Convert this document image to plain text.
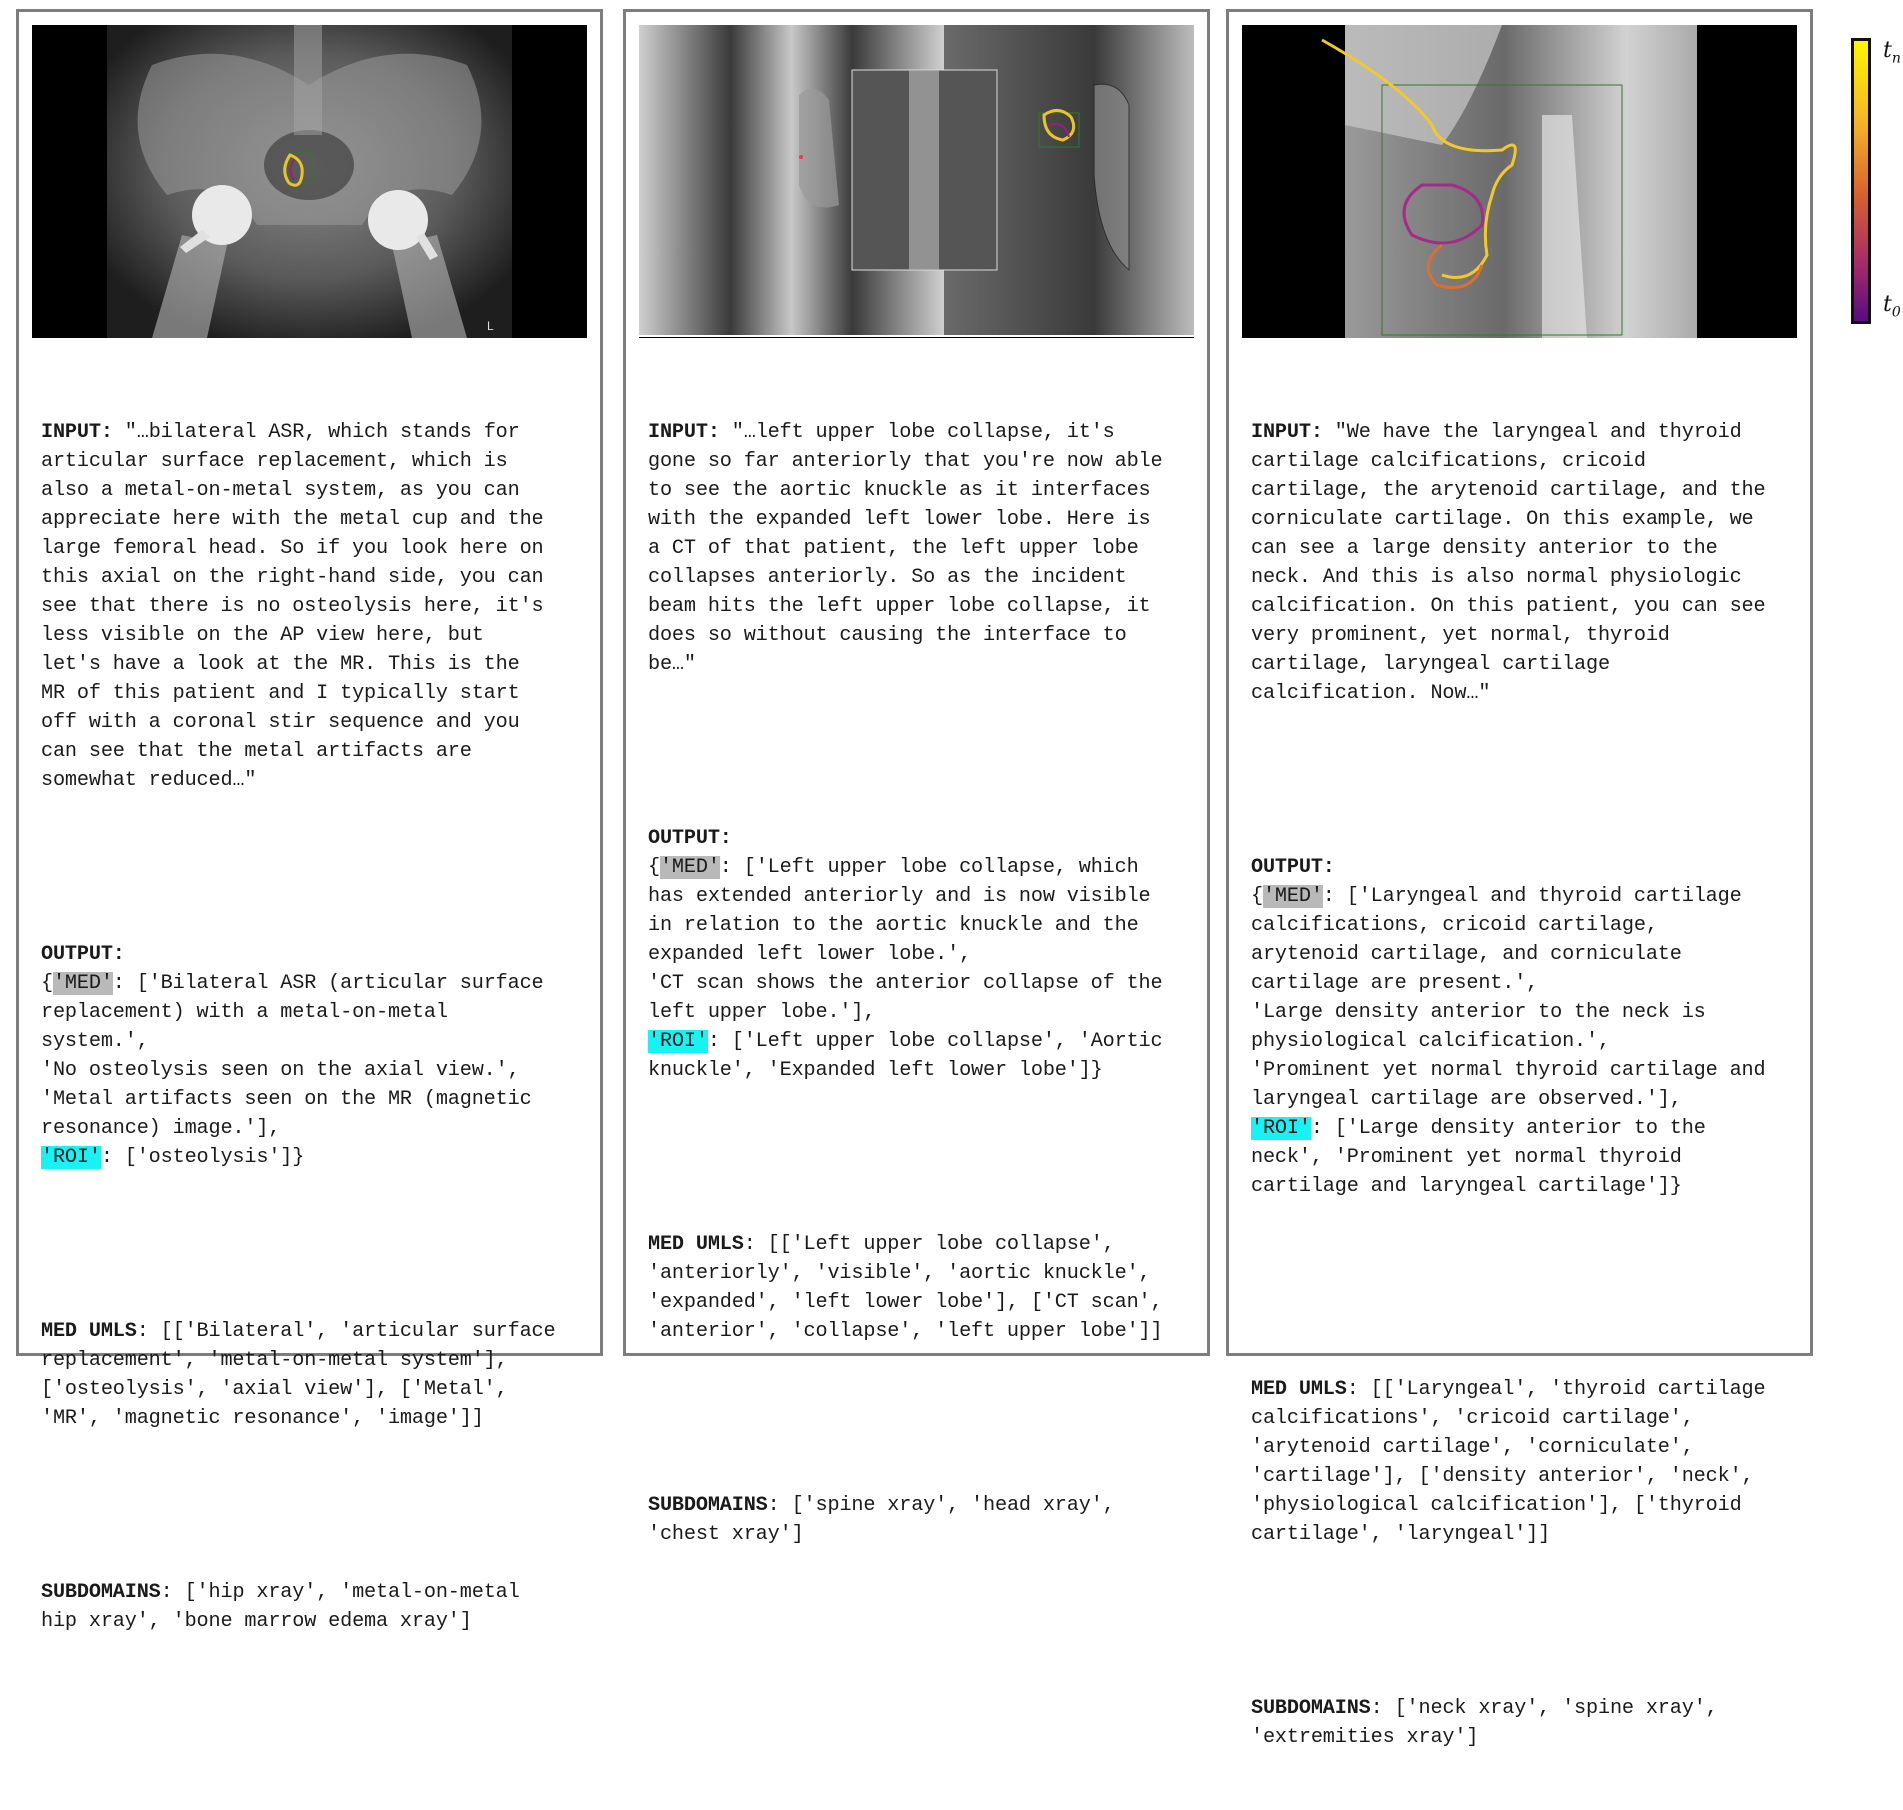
L

INPUT: "…bilateral ASR, which stands for
articular surface replacement, which is
also a metal-on-metal system, as you can
appreciate here with the metal cup and the
large femoral head. So if you look here on
this axial on the right-hand side, you can
see that there is no osteolysis here, it's
less visible on the AP view here, but
let's have a look at the MR. This is the
MR of this patient and I typically start
off with a coronal stir sequence and you
can see that the metal artifacts are
somewhat reduced…"

OUTPUT:
{'MED': ['Bilateral ASR (articular surface
replacement) with a metal-on-metal
system.',
'No osteolysis seen on the axial view.',
'Metal artifacts seen on the MR (magnetic
resonance) image.'],
'ROI': ['osteolysis']}

MED UMLS: [['Bilateral', 'articular surface
replacement', 'metal-on-metal system'],
['osteolysis', 'axial view'], ['Metal',
'MR', 'magnetic resonance', 'image']]

SUBDOMAINS: ['hip xray', 'metal-on-metal
hip xray', 'bone marrow edema xray']

INPUT: "…left upper lobe collapse, it's
gone so far anteriorly that you're now able
to see the aortic knuckle as it interfaces
with the expanded left lower lobe. Here is
a CT of that patient, the left upper lobe
collapses anteriorly. So as the incident
beam hits the left upper lobe collapse, it
does so without causing the interface to
be…"

OUTPUT:
{'MED': ['Left upper lobe collapse, which
has extended anteriorly and is now visible
in relation to the aortic knuckle and the
expanded left lower lobe.',
'CT scan shows the anterior collapse of the
left upper lobe.'],
'ROI': ['Left upper lobe collapse', 'Aortic
knuckle', 'Expanded left lower lobe']}

MED UMLS: [['Left upper lobe collapse',
'anteriorly', 'visible', 'aortic knuckle',
'expanded', 'left lower lobe'], ['CT scan',
'anterior', 'collapse', 'left upper lobe']]

SUBDOMAINS: ['spine xray', 'head xray',
'chest xray']

INPUT: "We have the laryngeal and thyroid
cartilage calcifications, cricoid
cartilage, the arytenoid cartilage, and the
corniculate cartilage. On this example, we
can see a large density anterior to the
neck. And this is also normal physiologic
calcification. On this patient, you can see
very prominent, yet normal, thyroid
cartilage, laryngeal cartilage
calcification. Now…"

OUTPUT:
{'MED': ['Laryngeal and thyroid cartilage
calcifications, cricoid cartilage,
arytenoid cartilage, and corniculate
cartilage are present.',
'Large density anterior to the neck is
physiological calcification.',
'Prominent yet normal thyroid cartilage and
laryngeal cartilage are observed.'],
'ROI': ['Large density anterior to the
neck', 'Prominent yet normal thyroid
cartilage and laryngeal cartilage']}

MED UMLS: [['Laryngeal', 'thyroid cartilage
calcifications', 'cricoid cartilage',
'arytenoid cartilage', 'corniculate',
'cartilage'], ['density anterior', 'neck',
'physiological calcification'], ['thyroid
cartilage', 'laryngeal']]

SUBDOMAINS: ['neck xray', 'spine xray',
'extremities xray']

$t_n$
$t_0$
